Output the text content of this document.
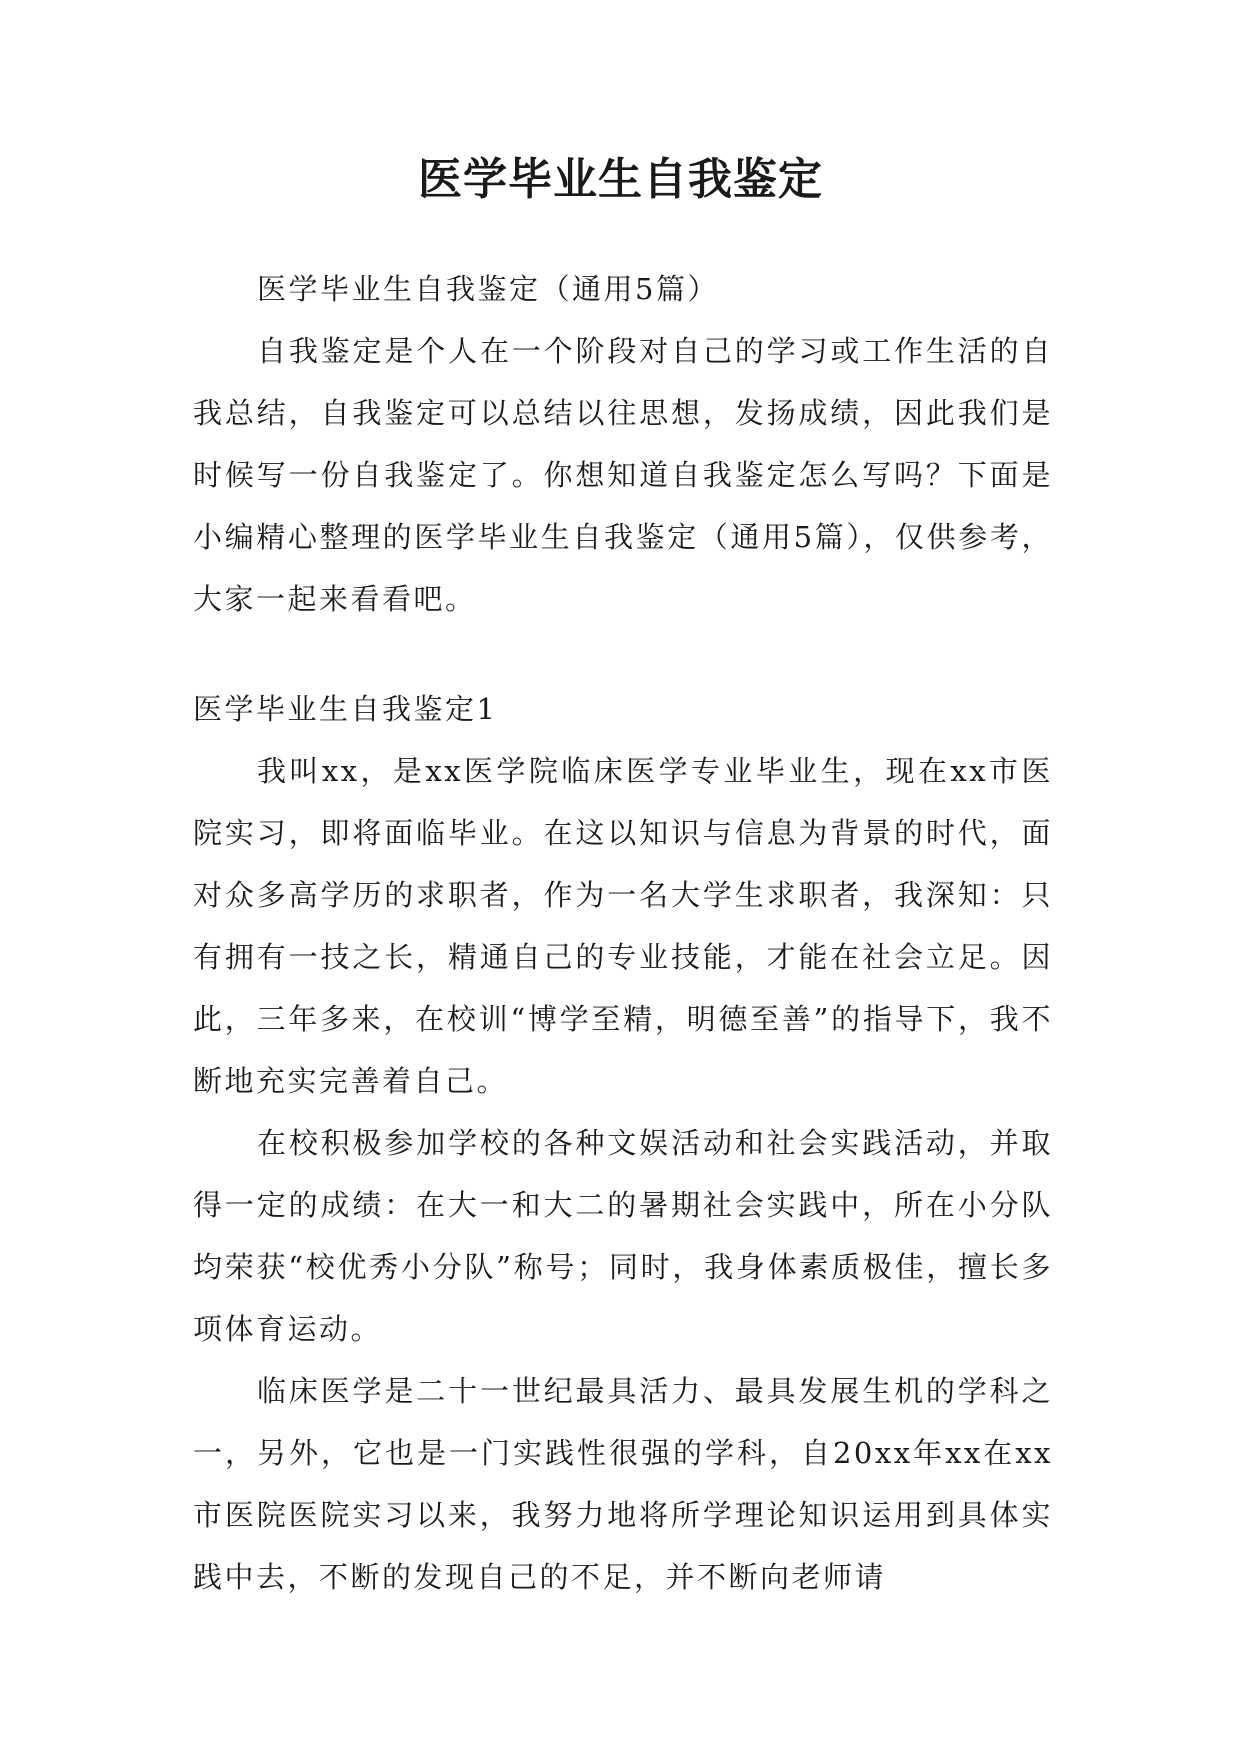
医学毕业生自我鉴定

医学毕业生自我鉴定（通用5篇）

自我鉴定是个人在一个阶段对自己的学习或工作生活的自我总结，自我鉴定可以总结以往思想，发扬成绩，因此我们是时候写一份自我鉴定了。你想知道自我鉴定怎么写吗？下面是小编精心整理的医学毕业生自我鉴定（通用5篇），仅供参考，大家一起来看看吧。

医学毕业生自我鉴定1

我叫xx，是xx医学院临床医学专业毕业生，现在xx市医院实习，即将面临毕业。在这以知识与信息为背景的时代，面对众多高学历的求职者，作为一名大学生求职者，我深知：只有拥有一技之长，精通自己的专业技能，才能在社会立足。因此，三年多来，在校训“博学至精，明德至善”的指导下，我不断地充实完善着自己。

在校积极参加学校的各种文娱活动和社会实践活动，并取得一定的成绩：在大一和大二的暑期社会实践中，所在小分队均荣获“校优秀小分队”称号；同时，我身体素质极佳，擅长多项体育运动。

临床医学是二十一世纪最具活力、最具发展生机的学科之一，另外，它也是一门实践性很强的学科，自20xx年xx在xx市医院医院实习以来，我努力地将所学理论知识运用到具体实践中去，不断的发现自己的不足，并不断向老师请
